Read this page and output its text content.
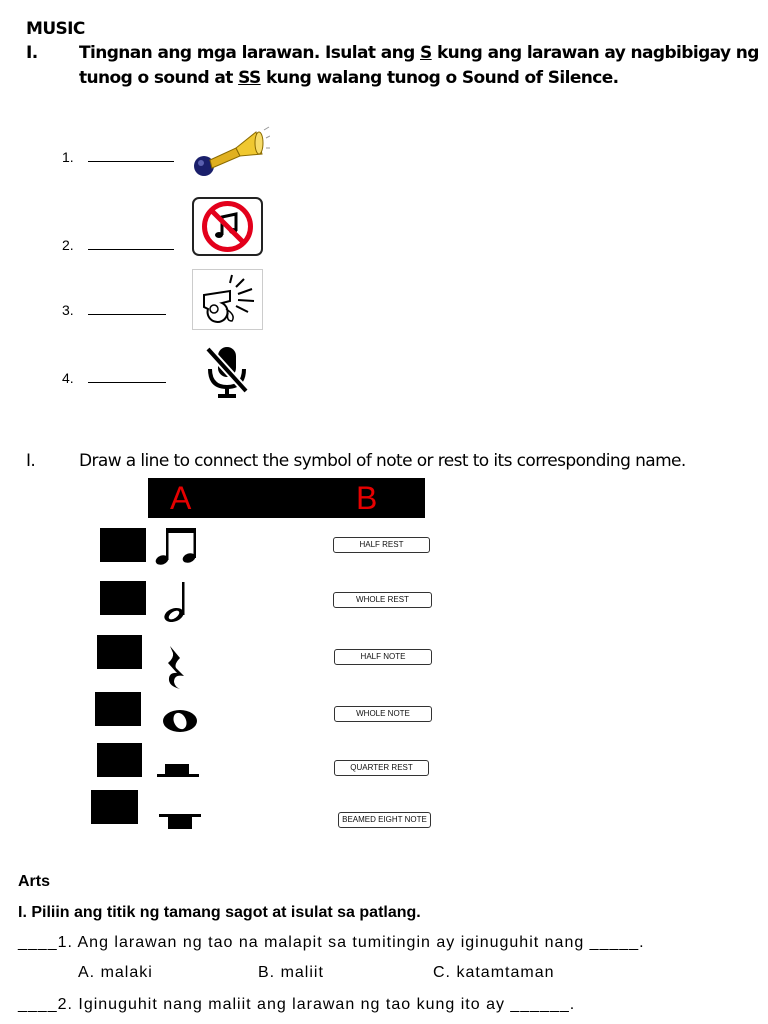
MUSIC
I. Tingnan ang mga larawan. Isulat ang S kung ang larawan ay nagbibigay ng
tunog o sound at SS kung walang tunog o Sound of Silence.
1.
2.
3.
4.
I.	Draw a line to connect the symbol of note or rest to its corresponding name.
A	B
HALF REST
WHOLE REST
HALF NOTE
WHOLE NOTE
QUARTER REST
BEAMED EIGHT NOTE
Arts
I. Piliin ang titik ng tamang sagot at isulat sa patlang.
____1. Ang larawan ng tao na malapit sa tumitingin ay iginuguhit nang _____.
A. malaki	B. maliit	C. katamtaman
____2. Iginuguhit nang maliit ang larawan ng tao kung ito ay ______.
